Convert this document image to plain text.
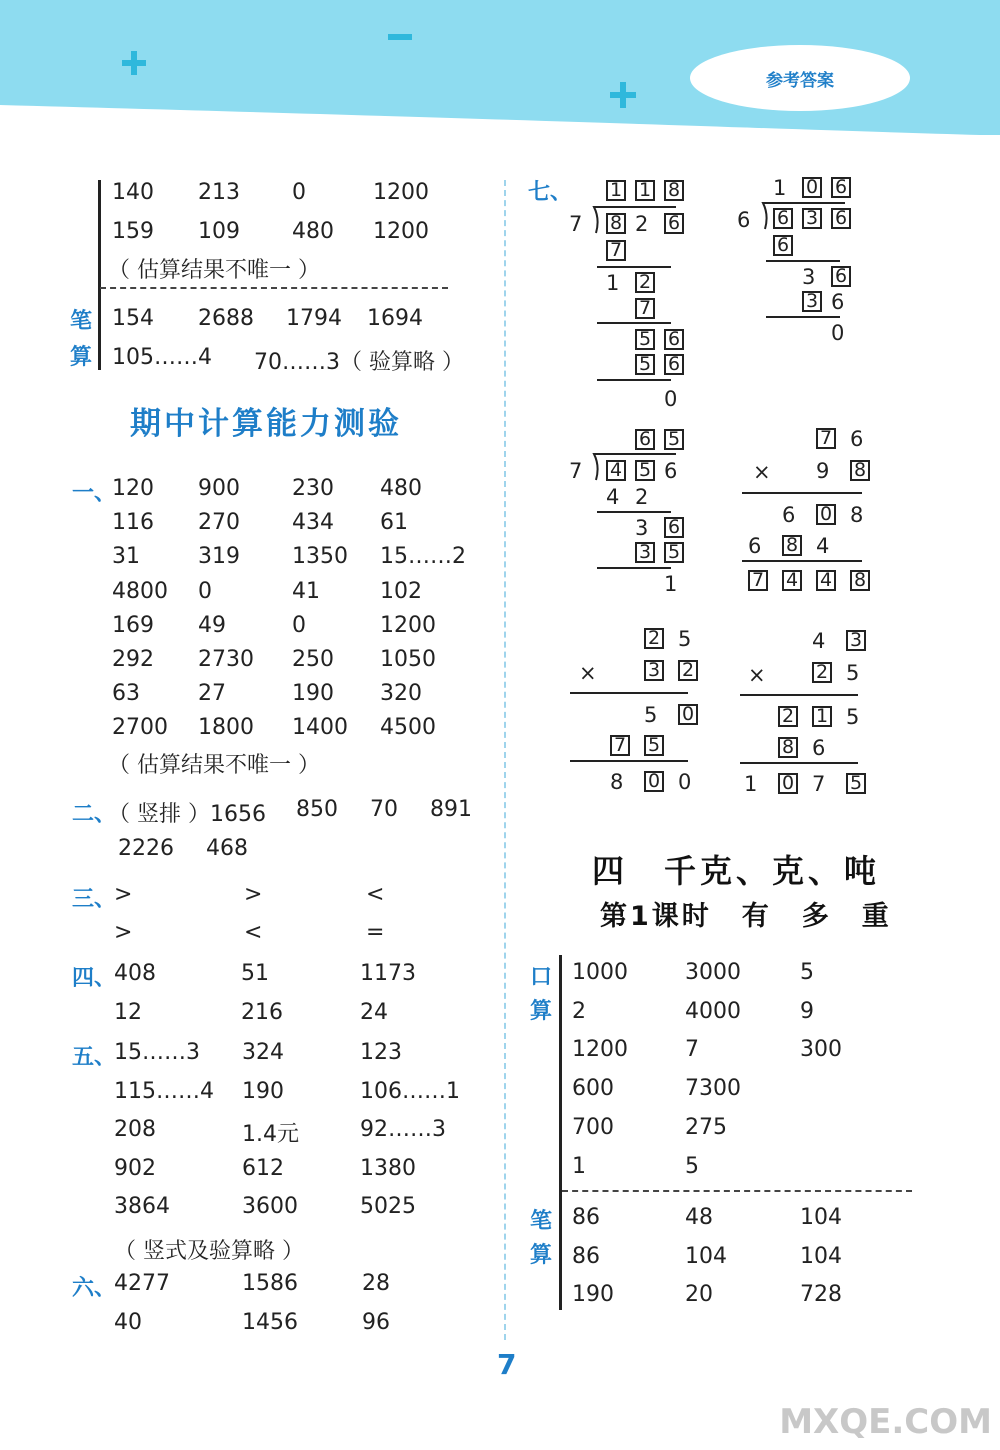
参考答案
140 213 0	1200
159 109 480 1200
（ 估算结果不唯一 ）
笔
算
154 2688 1794 1694
105……4 70……3（ 验算略 ）
期中计算能力测验
一、
（ 估算结果不唯一 ）
二、
（ 竖排 ）1656 850 70 891
2226 468
三、
>	>	<
>	<	=
四、
408	51	1173
12	216	24
五、
（ 竖式及验算略 ）
六、
4277	1586	28
40	1456	96
七、
四　千克、克、吨
第1课时　有　多　重
口
算
笔
算
7
MXQE.COM
120 900 230 480
116 270 434 61
31	319 1350 15……2
4800 0	41	102
169 49	0	1200
292 2730 250 1050
63	27	190 320
2700 1800 1400 4500
15……3 324	123
115……4 190	106……1
208	1.4元	92……3
902	612	1380
3864	3600	5025
1000	3000	5
2	4000	9
1200	7	300
600	7300
700	275
1	5
86	48	104
86	104	104
190	20	728
1 1 8
7 8 2 6
7
1 2
7
5 6
5 6
0
1 0 6
6 6 3 6
6
3 6
3 6
0
6 5
7 4 5 6
4 2
3 6
3 5
1
7 6
× 9 8
6 0 8
6 8 4
7 4 4 8
2 5
×	3 2
5 0
7 5
8 0 0
4 3
×	2 5
2 1 5
8 6
1 0 7 5
